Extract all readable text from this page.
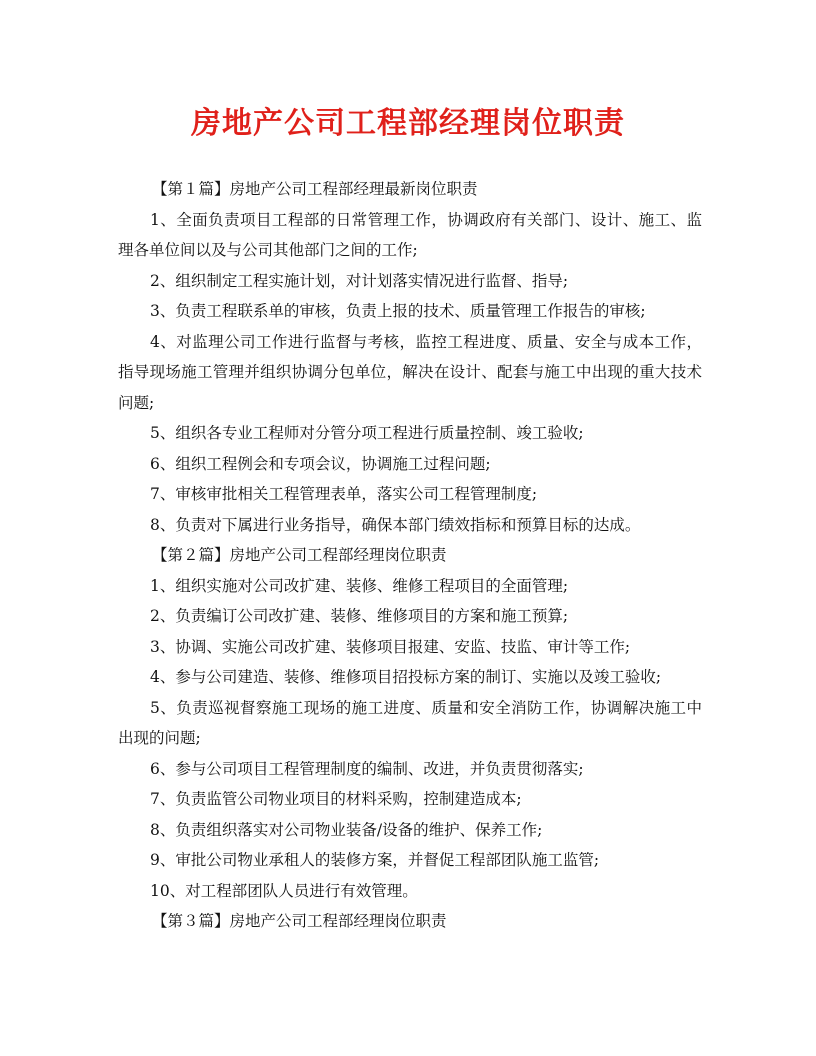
房地产公司工程部经理岗位职责

【第１篇】房地产公司工程部经理最新岗位职责

1、全面负责项目工程部的日常管理工作，协调政府有关部门、设计、施工、监理各单位间以及与公司其他部门之间的工作;

2、组织制定工程实施计划，对计划落实情况进行监督、指导;

3、负责工程联系单的审核，负责上报的技术、质量管理工作报告的审核;

4、对监理公司工作进行监督与考核，监控工程进度、质量、安全与成本工作，指导现场施工管理并组织协调分包单位，解决在设计、配套与施工中出现的重大技术问题;

5、组织各专业工程师对分管分项工程进行质量控制、竣工验收;

6、组织工程例会和专项会议，协调施工过程问题;

7、审核审批相关工程管理表单，落实公司工程管理制度;

8、负责对下属进行业务指导，确保本部门绩效指标和预算目标的达成。

【第２篇】房地产公司工程部经理岗位职责

1、组织实施对公司改扩建、装修、维修工程项目的全面管理;

2、负责编订公司改扩建、装修、维修项目的方案和施工预算;

3、协调、实施公司改扩建、装修项目报建、安监、技监、审计等工作;

4、参与公司建造、装修、维修项目招投标方案的制订、实施以及竣工验收;

5、负责巡视督察施工现场的施工进度、质量和安全消防工作，协调解决施工中出现的问题;

6、参与公司项目工程管理制度的编制、改进，并负责贯彻落实;

7、负责监管公司物业项目的材料采购，控制建造成本;

8、负责组织落实对公司物业装备/设备的维护、保养工作;

9、审批公司物业承租人的装修方案，并督促工程部团队施工监管;

10、对工程部团队人员进行有效管理。

【第３篇】房地产公司工程部经理岗位职责
